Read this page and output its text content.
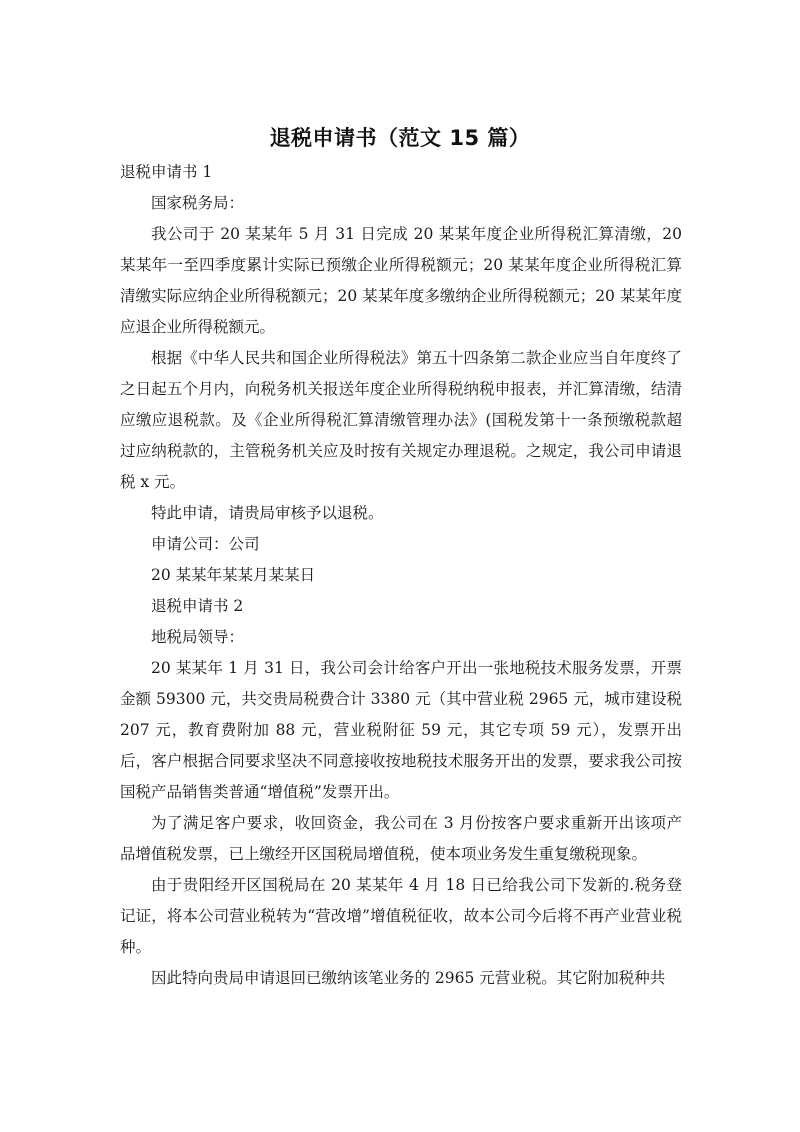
退税申请书（范文 15 篇）

退税申请书 1

国家税务局：

我公司于 20 某某年 5 月 31 日完成 20 某某年度企业所得税汇算清缴，20 某某年一至四季度累计实际已预缴企业所得税额元；20 某某年度企业所得税汇算清缴实际应纳企业所得税额元；20 某某年度多缴纳企业所得税额元；20 某某年度应退企业所得税额元。

根据《中华人民共和国企业所得税法》第五十四条第二款企业应当自年度终了之日起五个月内，向税务机关报送年度企业所得税纳税申报表，并汇算清缴，结清应缴应退税款。及《企业所得税汇算清缴管理办法》(国税发第十一条预缴税款超过应纳税款的，主管税务机关应及时按有关规定办理退税。之规定，我公司申请退税 x 元。

特此申请，请贵局审核予以退税。

申请公司：公司

20 某某年某某月某某日

退税申请书 2

地税局领导：

20 某某年 1 月 31 日，我公司会计给客户开出一张地税技术服务发票，开票金额 59300 元，共交贵局税费合计 3380 元（其中营业税 2965 元，城市建设税 207 元，教育费附加 88 元，营业税附征 59 元，其它专项 59 元），发票开出后，客户根据合同要求坚决不同意接收按地税技术服务开出的发票，要求我公司按国税产品销售类普通“增值税”发票开出。

为了满足客户要求，收回资金，我公司在 3 月份按客户要求重新开出该项产品增值税发票，已上缴经开区国税局增值税，使本项业务发生重复缴税现象。

由于贵阳经开区国税局在 20 某某年 4 月 18 日已给我公司下发新的.税务登记证，将本公司营业税转为“营改增”增值税征收，故本公司今后将不再产业营业税种。

因此特向贵局申请退回已缴纳该笔业务的 2965 元营业税。其它附加税种共
